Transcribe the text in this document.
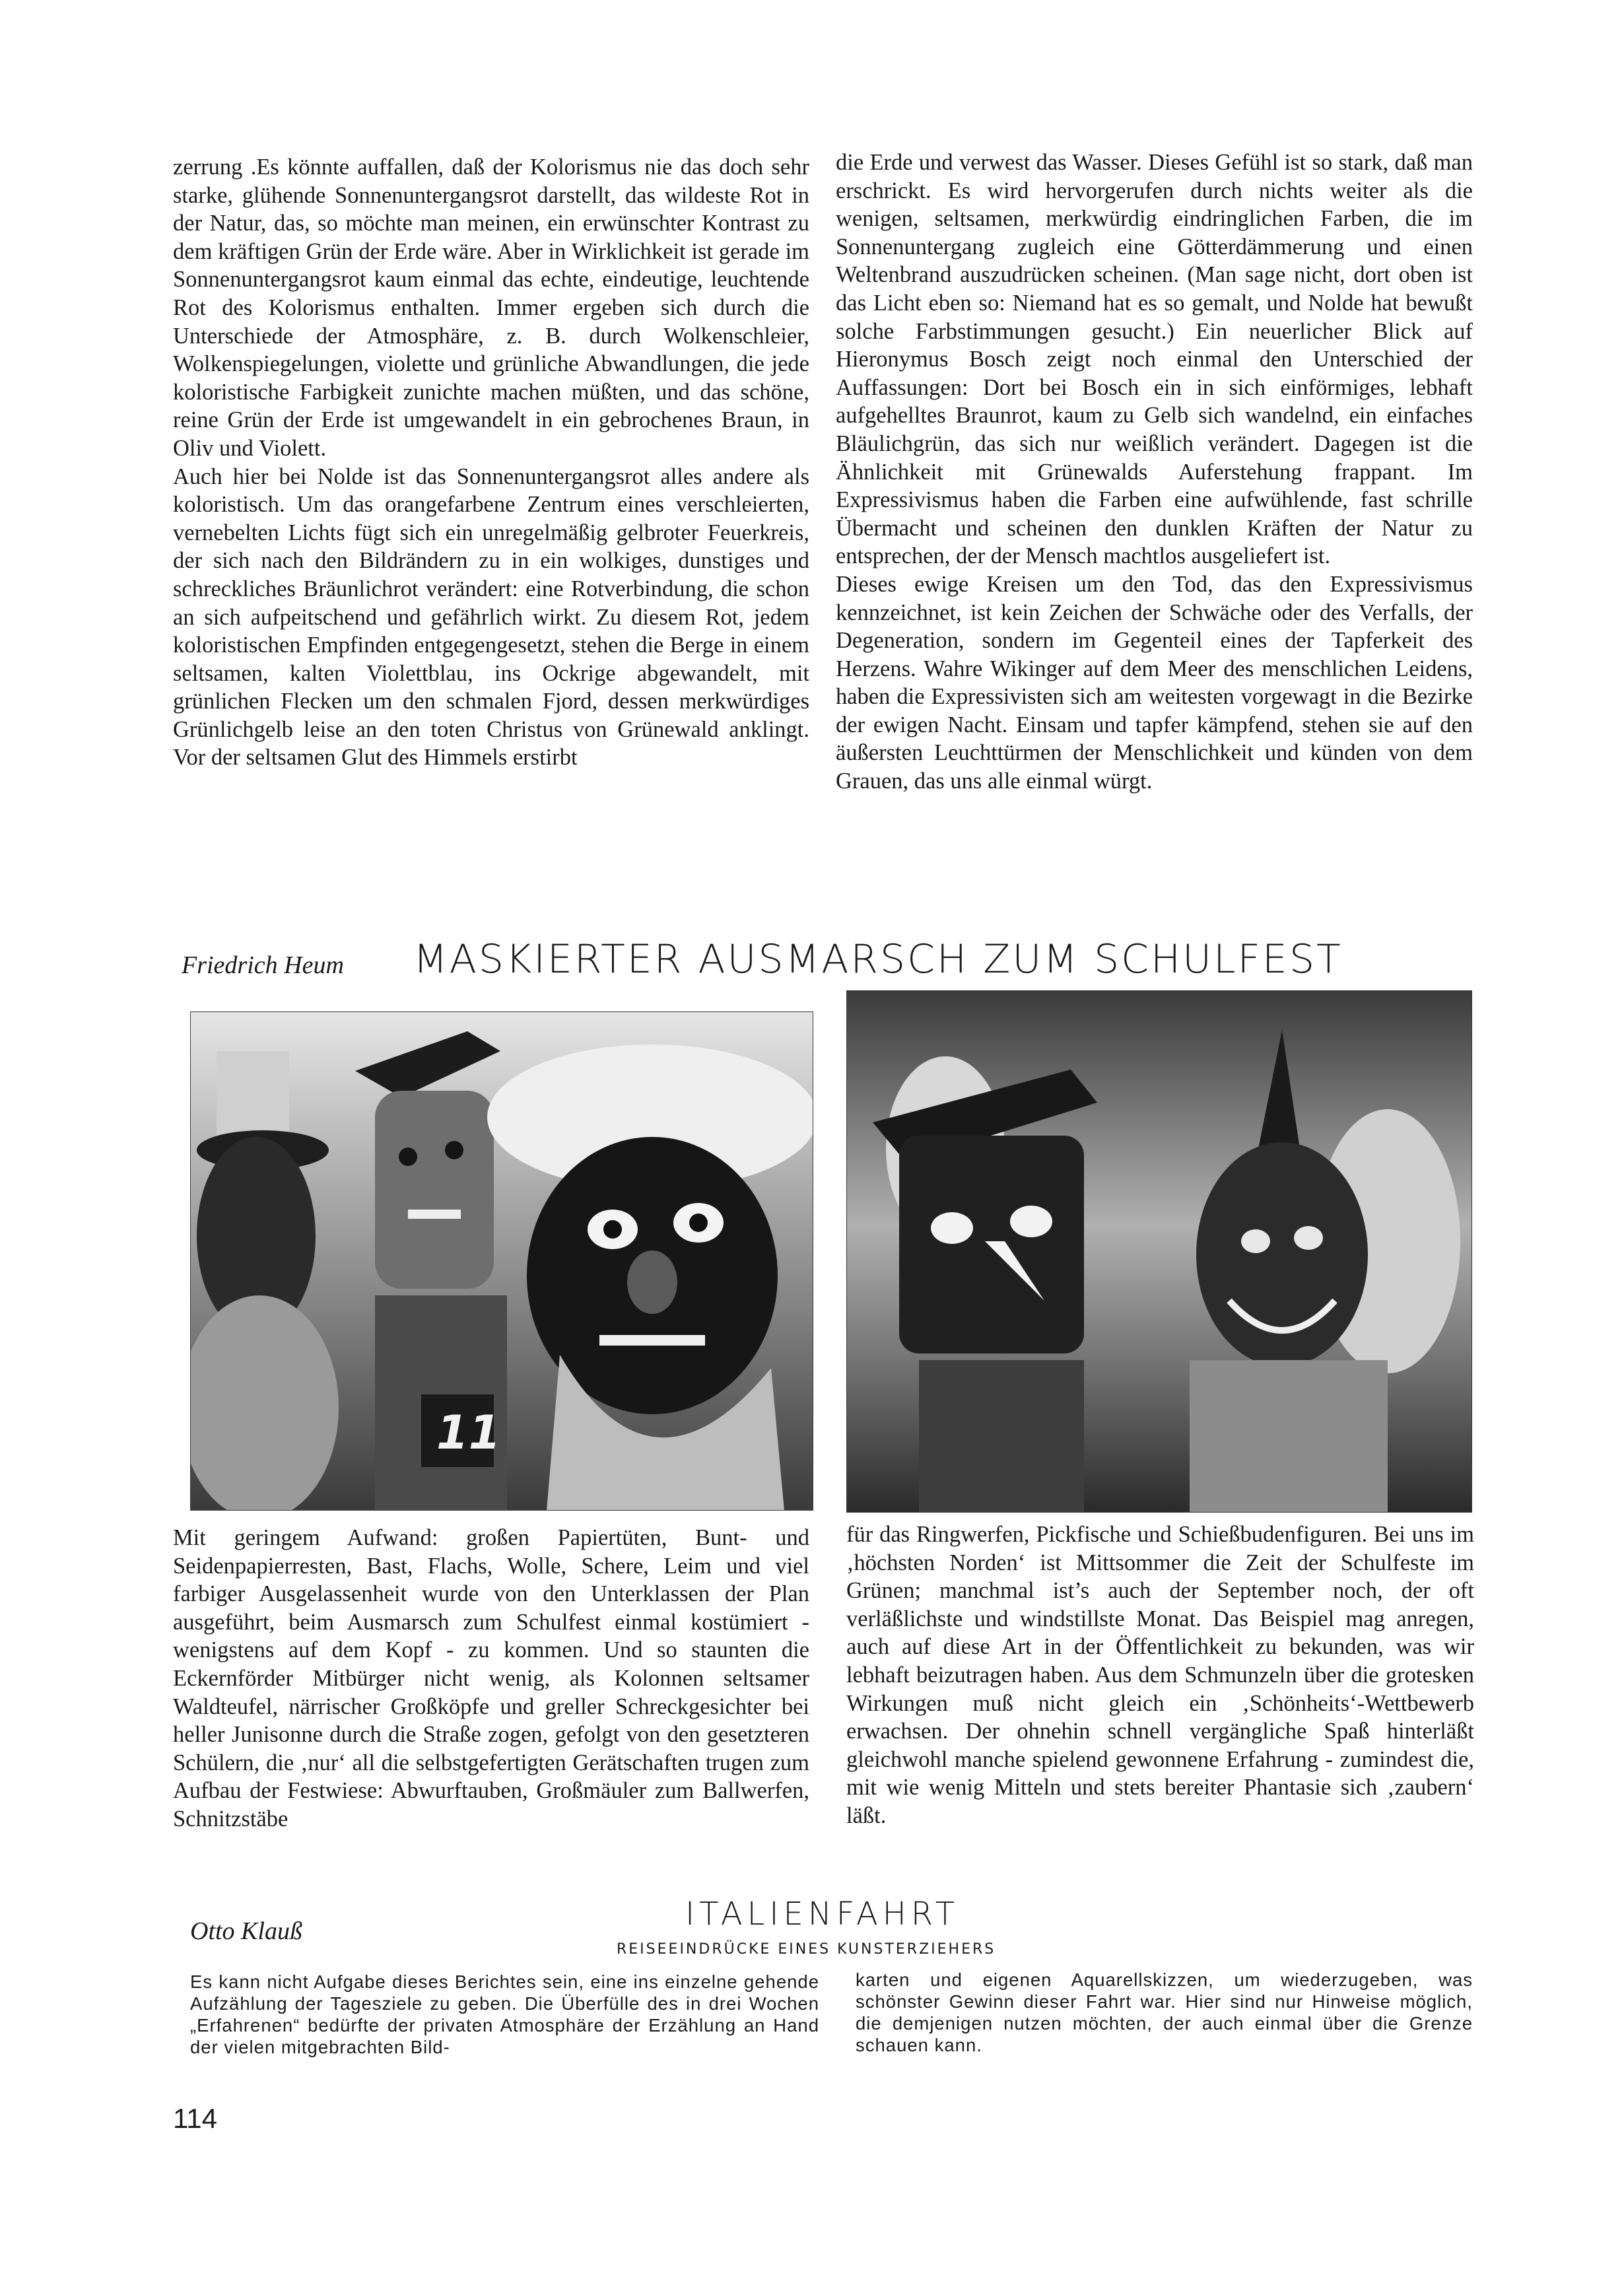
zerrung .Es könnte auffallen, daß der Kolorismus nie das doch sehr starke, glühende Sonnenuntergangsrot darstellt, das wildeste Rot in der Natur, das, so möchte man meinen, ein erwünschter Kontrast zu dem kräftigen Grün der Erde wäre. Aber in Wirklichkeit ist gerade im Sonnenuntergangsrot kaum einmal das echte, eindeutige, leuchtende Rot des Kolorismus enthalten. Immer ergeben sich durch die Unterschiede der Atmosphäre, z. B. durch Wolkenschleier, Wolkenspiegelungen, violette und grünliche Abwandlungen, die jede koloristische Farbigkeit zunichte machen müßten, und das schöne, reine Grün der Erde ist umgewandelt in ein gebrochenes Braun, in Oliv und Violett.

Auch hier bei Nolde ist das Sonnenuntergangsrot alles andere als koloristisch. Um das orangefarbene Zentrum eines verschleierten, vernebelten Lichts fügt sich ein unregelmäßig gelbroter Feuerkreis, der sich nach den Bildrändern zu in ein wolkiges, dunstiges und schreckliches Bräunlichrot verändert: eine Rotverbindung, die schon an sich aufpeitschend und gefährlich wirkt. Zu diesem Rot, jedem koloristischen Empfinden entgegengesetzt, stehen die Berge in einem seltsamen, kalten Violettblau, ins Ockrige abgewandelt, mit grünlichen Flecken um den schmalen Fjord, dessen merkwürdiges Grünlichgelb leise an den toten Christus von Grünewald anklingt. Vor der seltsamen Glut des Himmels erstirbt

die Erde und verwest das Wasser. Dieses Gefühl ist so stark, daß man erschrickt. Es wird hervorgerufen durch nichts weiter als die wenigen, seltsamen, merkwürdig eindringlichen Farben, die im Sonnenuntergang zugleich eine Götterdämmerung und einen Weltenbrand auszudrücken scheinen. (Man sage nicht, dort oben ist das Licht eben so: Niemand hat es so gemalt, und Nolde hat bewußt solche Farbstimmungen gesucht.) Ein neuerlicher Blick auf Hieronymus Bosch zeigt noch einmal den Unterschied der Auffassungen: Dort bei Bosch ein in sich einförmiges, lebhaft aufgehelltes Braunrot, kaum zu Gelb sich wandelnd, ein einfaches Bläulichgrün, das sich nur weißlich verändert. Dagegen ist die Ähnlichkeit mit Grünewalds Auferstehung frappant. Im Expressivismus haben die Farben eine aufwühlende, fast schrille Übermacht und scheinen den dunklen Kräften der Natur zu entsprechen, der der Mensch machtlos ausgeliefert ist.

Dieses ewige Kreisen um den Tod, das den Expressivismus kennzeichnet, ist kein Zeichen der Schwäche oder des Verfalls, der Degeneration, sondern im Gegenteil eines der Tapferkeit des Herzens. Wahre Wikinger auf dem Meer des menschlichen Leidens, haben die Expressivisten sich am weitesten vorgewagt in die Bezirke der ewigen Nacht. Einsam und tapfer kämpfend, stehen sie auf den äußersten Leuchttürmen der Menschlichkeit und künden von dem Grauen, das uns alle einmal würgt.

Friedrich Heum MASKIERTER AUSMARSCH ZUM SCHULFEST
11

Mit geringem Aufwand: großen Papiertüten, Bunt- und Seidenpapierresten, Bast, Flachs, Wolle, Schere, Leim und viel farbiger Ausgelassenheit wurde von den Unterklassen der Plan ausgeführt, beim Ausmarsch zum Schulfest einmal kostümiert - wenigstens auf dem Kopf - zu kommen. Und so staunten die Eckernförder Mitbürger nicht wenig, als Kolonnen seltsamer Waldteufel, närrischer Großköpfe und greller Schreckgesichter bei heller Junisonne durch die Straße zogen, gefolgt von den gesetzteren Schülern, die ‚nur‘ all die selbstgefertigten Gerätschaften trugen zum Aufbau der Festwiese: Abwurftauben, Großmäuler zum Ballwerfen, Schnitzstäbe

für das Ringwerfen, Pickfische und Schießbudenfiguren. Bei uns im ‚höchsten Norden‘ ist Mittsommer die Zeit der Schulfeste im Grünen; manchmal ist’s auch der September noch, der oft verläßlichste und windstillste Monat. Das Beispiel mag anregen, auch auf diese Art in der Öffentlichkeit zu bekunden, was wir lebhaft beizutragen haben. Aus dem Schmunzeln über die grotesken Wirkungen muß nicht gleich ein ‚Schönheits‘-Wettbewerb erwachsen. Der ohnehin schnell vergängliche Spaß hinterläßt gleichwohl manche spielend gewonnene Erfahrung - zumindest die, mit wie wenig Mitteln und stets bereiter Phantasie sich ‚zaubern‘ läßt.

Otto Klauß	ITALIENFAHRT
REISEEINDRÜCKE EINES KUNSTERZIEHERS

Es kann nicht Aufgabe dieses Berichtes sein, eine ins einzelne gehende Aufzählung der Tagesziele zu geben. Die Überfülle des in drei Wochen „Erfahrenen“ bedürfte der privaten Atmosphäre der Erzählung an Hand der vielen mitgebrachten Bild-

karten und eigenen Aquarellskizzen, um wiederzugeben, was schönster Gewinn dieser Fahrt war. Hier sind nur Hinweise möglich, die demjenigen nutzen möchten, der auch einmal über die Grenze schauen kann.

114
